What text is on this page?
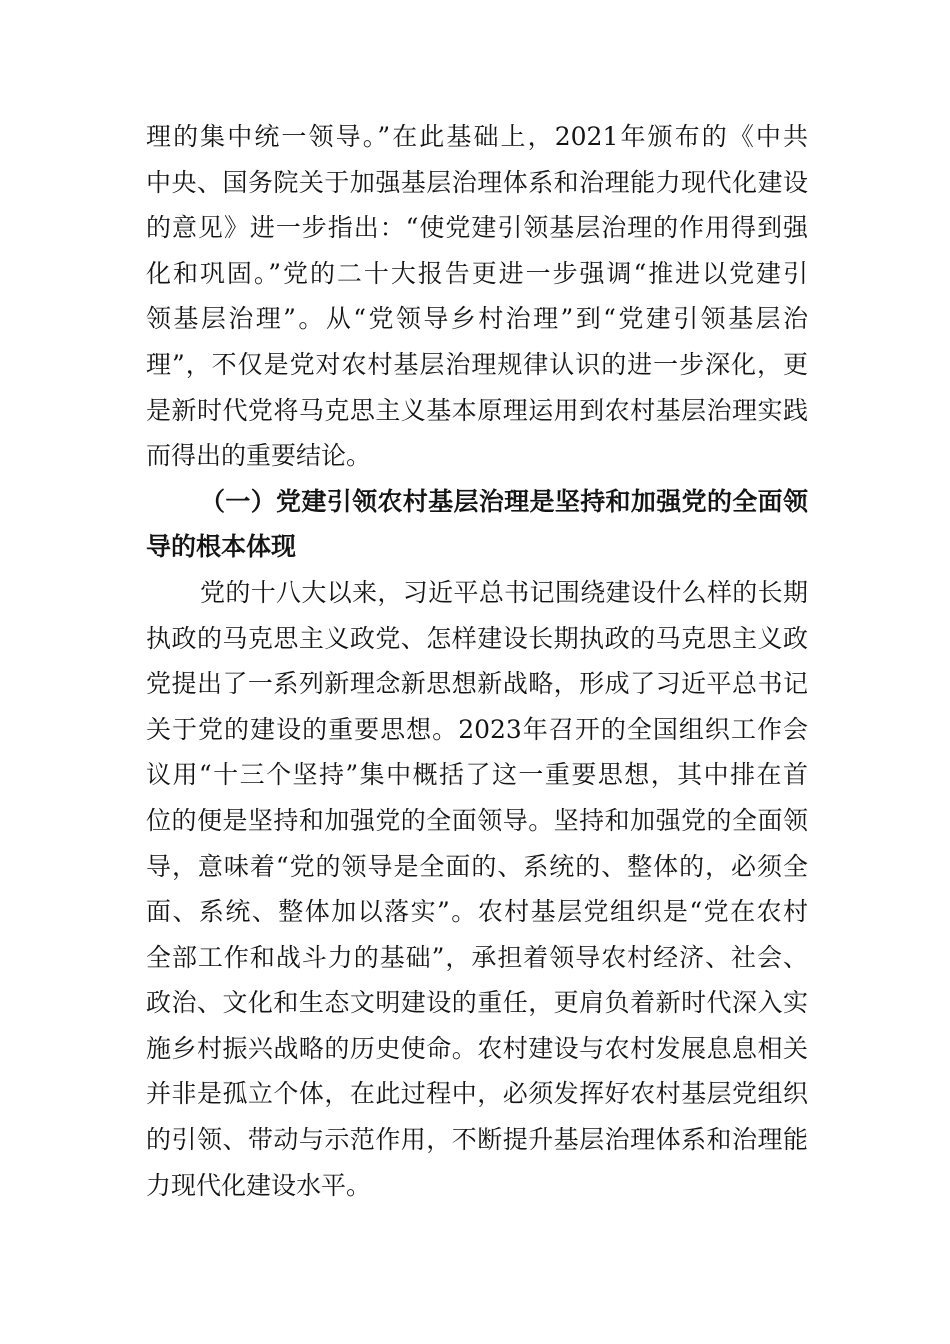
理的集中统一领导。”在此基础上，2021年颁布的《中共
中央、国务院关于加强基层治理体系和治理能力现代化建设
的意见》进一步指出：“使党建引领基层治理的作用得到强
化和巩固。”党的二十大报告更进一步强调“推进以党建引
领基层治理”。从“党领导乡村治理”到“党建引领基层治
理”，不仅是党对农村基层治理规律认识的进一步深化，更
是新时代党将马克思主义基本原理运用到农村基层治理实践
而得出的重要结论。
（一）党建引领农村基层治理是坚持和加强党的全面领
导的根本体现
党的十八大以来，习近平总书记围绕建设什么样的长期
执政的马克思主义政党、怎样建设长期执政的马克思主义政
党提出了一系列新理念新思想新战略，形成了习近平总书记
关于党的建设的重要思想。2023年召开的全国组织工作会
议用“十三个坚持”集中概括了这一重要思想，其中排在首
位的便是坚持和加强党的全面领导。坚持和加强党的全面领
导，意味着“党的领导是全面的、系统的、整体的，必须全
面、系统、整体加以落实”。农村基层党组织是“党在农村
全部工作和战斗力的基础”，承担着领导农村经济、社会、
政治、文化和生态文明建设的重任，更肩负着新时代深入实
施乡村振兴战略的历史使命。农村建设与农村发展息息相关
并非是孤立个体，在此过程中，必须发挥好农村基层党组织
的引领、带动与示范作用，不断提升基层治理体系和治理能
力现代化建设水平。
